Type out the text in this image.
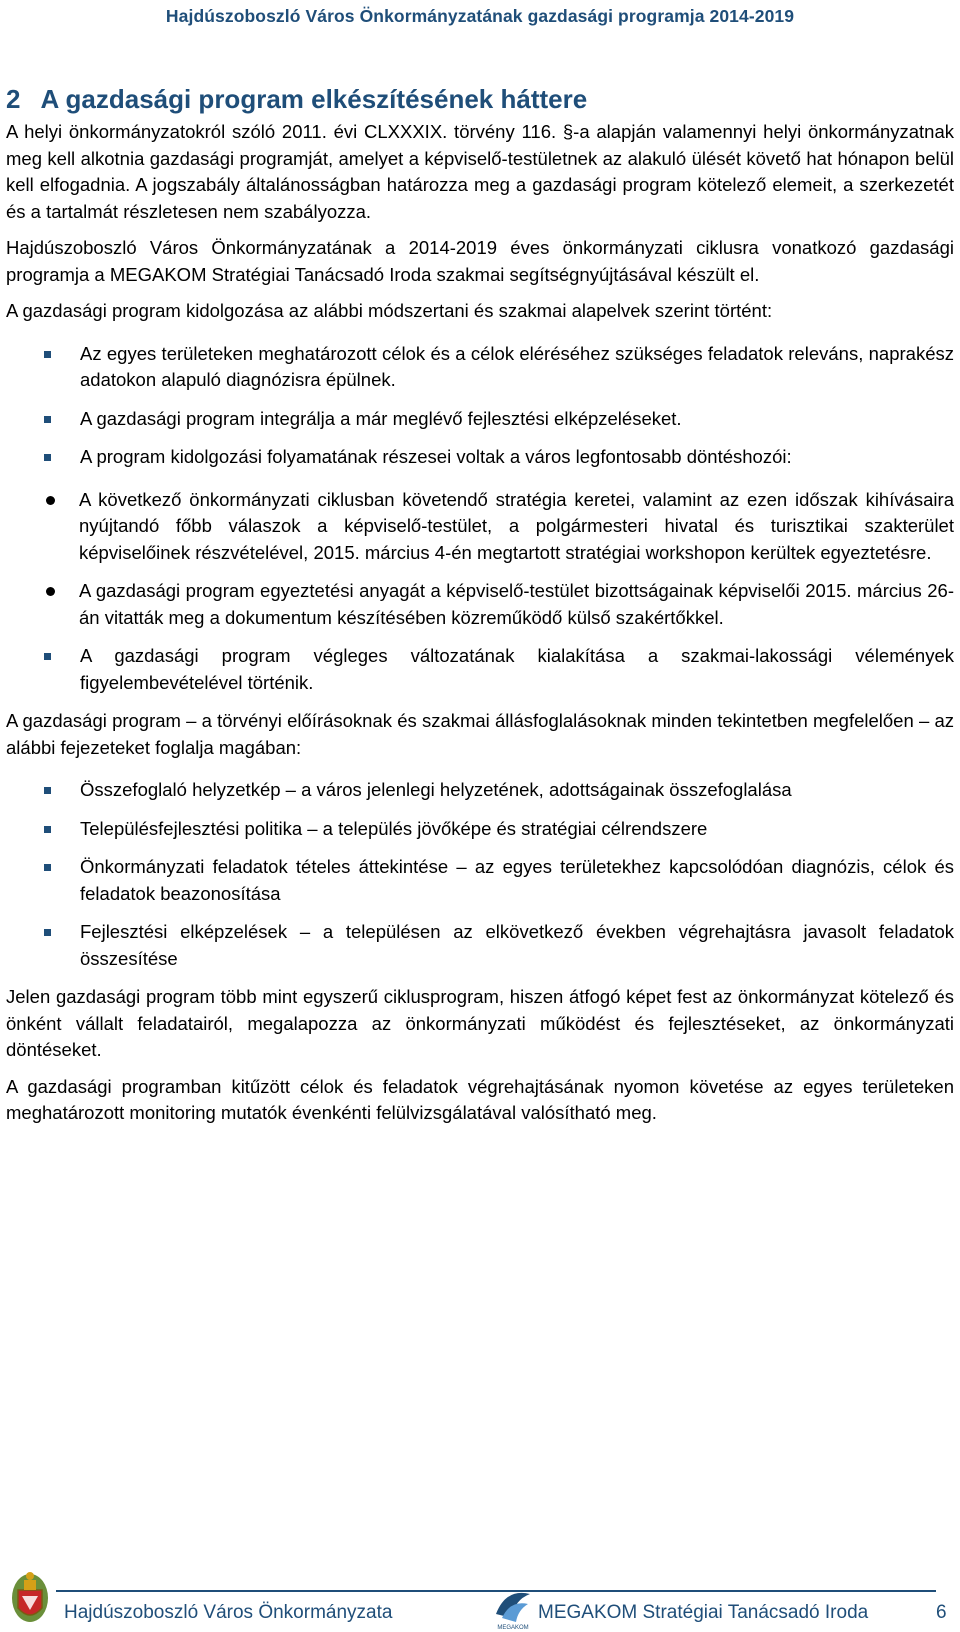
Hajdúszoboszló Város Önkormányzatának gazdasági programja 2014-2019
2 A gazdasági program elkészítésének háttere

A helyi önkormányzatokról szóló 2011. évi CLXXXIX. törvény 116. §-a alapján valamennyi helyi önkormányzatnak meg kell alkotnia gazdasági programját, amelyet a képviselő-testületnek az alakuló ülését követő hat hónapon belül kell elfogadnia. A jogszabály általánosságban határozza meg a gazdasági program kötelező elemeit, a szerkezetét és a tartalmát részletesen nem szabályozza.

Hajdúszoboszló Város Önkormányzatának a 2014-2019 éves önkormányzati ciklusra vonatkozó gazdasági programja a MEGAKOM Stratégiai Tanácsadó Iroda szakmai segítségnyújtásával készült el.

A gazdasági program kidolgozása az alábbi módszertani és szakmai alapelvek szerint történt:

Az egyes területeken meghatározott célok és a célok eléréséhez szükséges feladatok releváns, naprakész adatokon alapuló diagnózisra épülnek.
A gazdasági program integrálja a már meglévő fejlesztési elképzeléseket.
A program kidolgozási folyamatának részesei voltak a város legfontosabb döntéshozói:
A következő önkormányzati ciklusban követendő stratégia keretei, valamint az ezen időszak kihívásaira nyújtandó főbb válaszok a képviselő-testület, a polgármesteri hivatal és turisztikai szakterület képviselőinek részvételével, 2015. március 4-én megtartott stratégiai workshopon kerültek egyeztetésre.
A gazdasági program egyeztetési anyagát a képviselő-testület bizottságainak képviselői 2015. március 26-án vitatták meg a dokumentum készítésében közreműködő külső szakértőkkel.
A gazdasági program végleges változatának kialakítása a szakmai-lakossági vélemények figyelembevételével történik.

A gazdasági program – a törvényi előírásoknak és szakmai állásfoglalásoknak minden tekintetben megfelelően – az alábbi fejezeteket foglalja magában:

Összefoglaló helyzetkép – a város jelenlegi helyzetének, adottságainak összefoglalása
Településfejlesztési politika – a település jövőképe és stratégiai célrendszere
Önkormányzati feladatok tételes áttekintése – az egyes területekhez kapcsolódóan diagnózis, célok és feladatok beazonosítása
Fejlesztési elképzelések – a településen az elkövetkező években végrehajtásra javasolt feladatok összesítése

Jelen gazdasági program több mint egyszerű ciklusprogram, hiszen átfogó képet fest az önkormányzat kötelező és önként vállalt feladatairól, megalapozza az önkormányzati működést és fejlesztéseket, az önkormányzati döntéseket.

A gazdasági programban kitűzött célok és feladatok végrehajtásának nyomon követése az egyes területeken meghatározott monitoring mutatók évenkénti felülvizsgálatával valósítható meg.

MEGAKOM
Hajdúszoboszló Város Önkormányzata	MEGAKOM Stratégiai Tanácsadó Iroda	6
